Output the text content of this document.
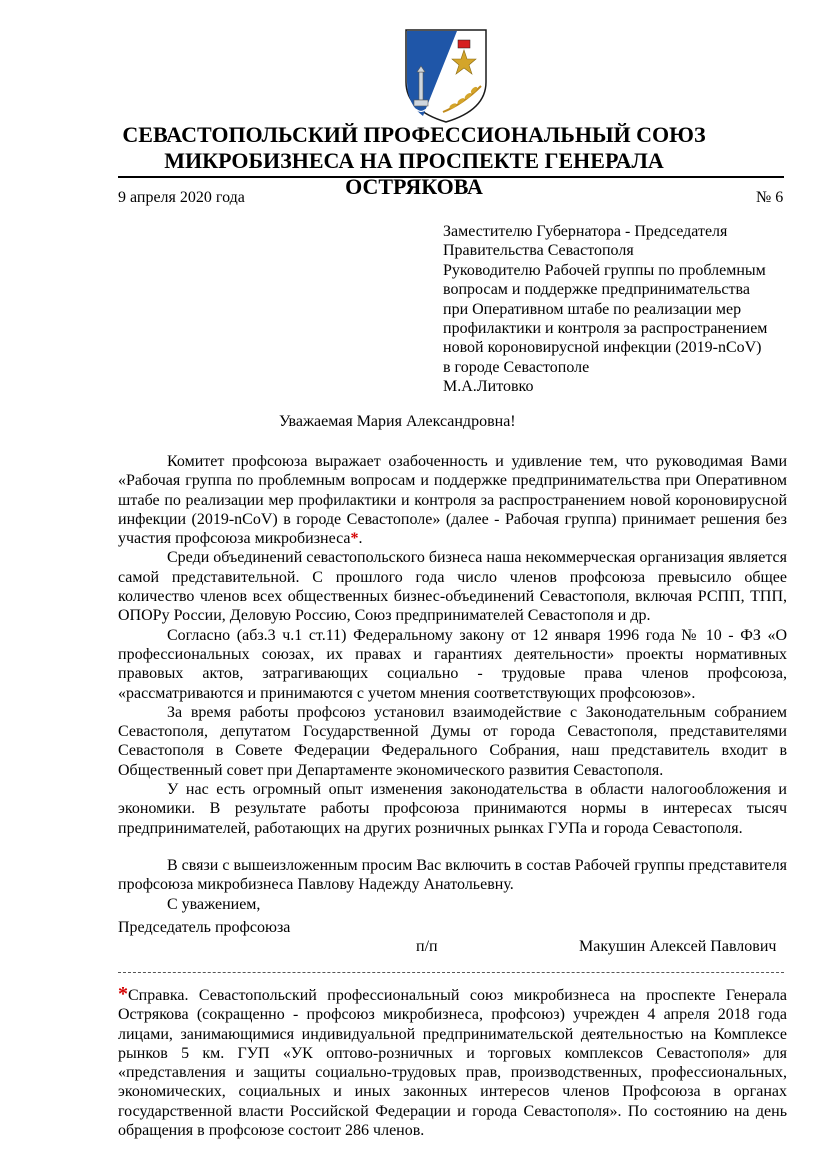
СЕВАСТОПОЛЬСКИЙ ПРОФЕССИОНАЛЬНЫЙ СОЮЗ
МИКРОБИЗНЕСА НА ПРОСПЕКТЕ ГЕНЕРАЛА ОСТРЯКОВА
9 апреля 2020 года	№ 6
Заместителю Губернатора - Председателя
Правительства Севастополя
Руководителю Рабочей группы по проблемным
вопросам и поддержке предпринимательства
при Оперативном штабе по реализации мер
профилактики и контроля за распространением
новой короновирусной инфекции (2019-nCoV)
в городе Севастополе
М.А.Литовко
Уважаемая Мария Александровна!

Комитет профсоюза выражает озабоченность и удивление тем, что руководимая Вами «Рабочая группа по проблемным вопросам и поддержке предпринимательства при Оперативном штабе по реализации мер профилактики и контроля за распространением новой короновирусной инфекции (2019-nCoV) в городе Севастополе» (далее - Рабочая группа) принимает решения без участия профсоюза микробизнеса*.

Среди объединений севастопольского бизнеса наша некоммерческая организация является самой представительной. С прошлого года число членов профсоюза превысило общее количество членов всех общественных бизнес-объединений Севастополя, включая РСПП, ТПП, ОПОРу России, Деловую Россию, Союз предпринимателей Севастополя и др.

Согласно (абз.3 ч.1 ст.11) Федеральному закону от 12 января 1996 года № 10 - ФЗ «О профессиональных союзах, их правах и гарантиях деятельности» проекты нормативных правовых актов, затрагивающих социально - трудовые права членов профсоюза, «рассматриваются и принимаются с учетом мнения соответствующих профсоюзов».

За время работы профсоюз установил взаимодействие с Законодательным собранием Севастополя, депутатом Государственной Думы от города Севастополя, представителями Севастополя в Совете Федерации Федерального Собрания, наш представитель входит в Общественный совет при Департаменте экономического развития Севастополя.

У нас есть огромный опыт изменения законодательства в области налогообложения и экономики. В результате работы профсоюза принимаются нормы в интересах тысяч предпринимателей, работающих на других розничных рынках ГУПа и города Севастополя.

В связи с вышеизложенным просим Вас включить в состав Рабочей группы представителя профсоюза микробизнеса Павлову Надежду Анатольевну.

С уважением,

Председатель профсоюза
п/п	Макушин Алексей Павлович
*Справка. Севастопольский профессиональный союз микробизнеса на проспекте Генерала Острякова (сокращенно - профсоюз микробизнеса, профсоюз) учрежден 4 апреля 2018 года лицами, занимающимися индивидуальной предпринимательской деятельностью на Комплексе рынков 5 км. ГУП «УК оптово-розничных и торговых комплексов Севастополя» для «представления и защиты социально-трудовых прав, производственных, профессиональных, экономических, социальных и иных законных интересов членов Профсоюза в органах государственной власти Российской Федерации и города Севастополя». По состоянию на день обращения в профсоюзе состоит 286 членов.
